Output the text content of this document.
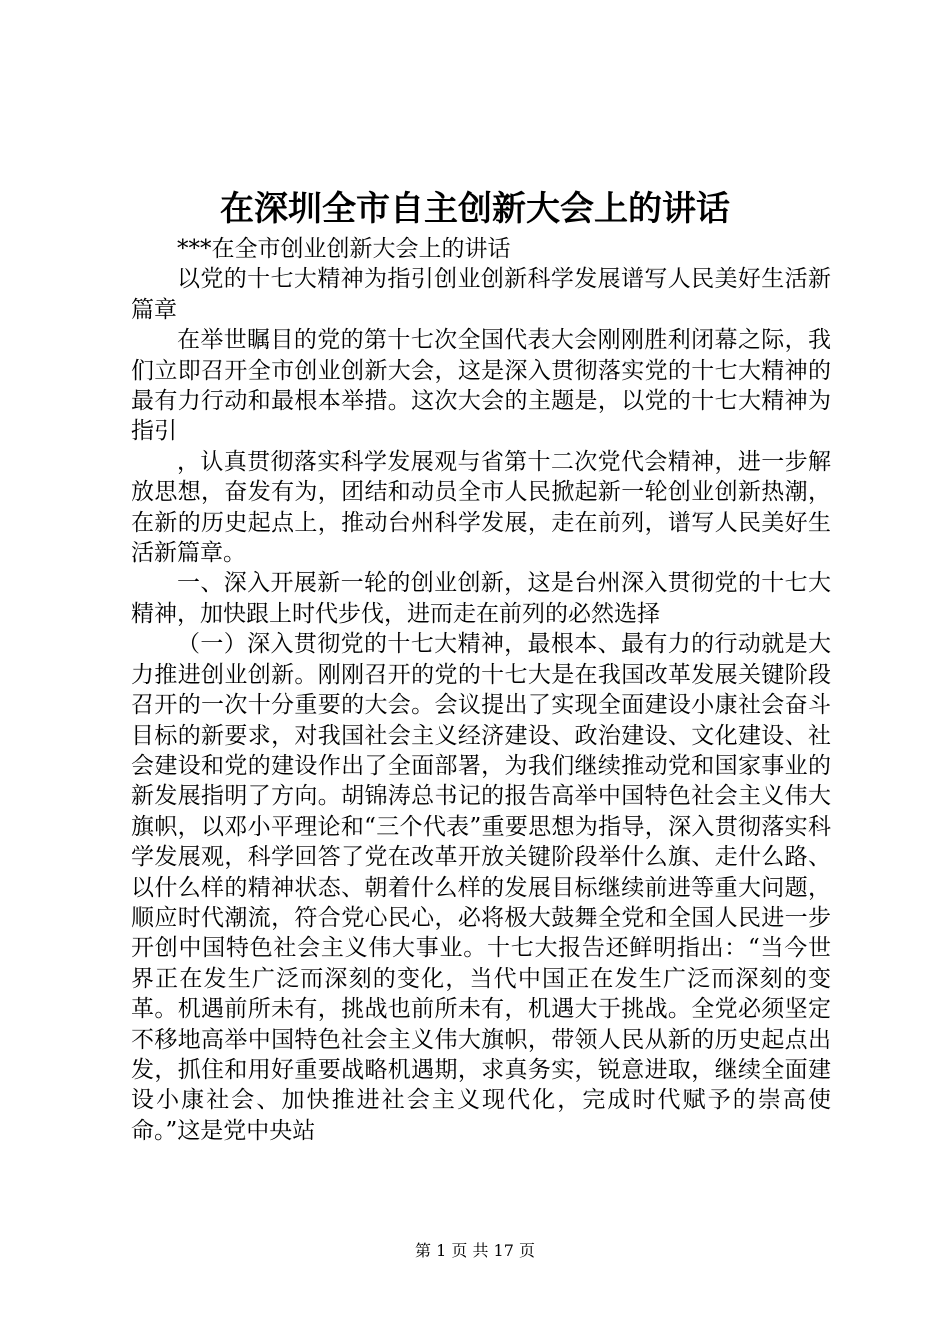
在深圳全市自主创新大会上的讲话

***在全市创业创新大会上的讲话

以党的十七大精神为指引创业创新科学发展谱写人民美好生活新篇章

在举世瞩目的党的第十七次全国代表大会刚刚胜利闭幕之际，我们立即召开全市创业创新大会，这是深入贯彻落实党的十七大精神的最有力行动和最根本举措。这次大会的主题是，以党的十七大精神为指引

，认真贯彻落实科学发展观与省第十二次党代会精神，进一步解放思想，奋发有为，团结和动员全市人民掀起新一轮创业创新热潮，在新的历史起点上，推动台州科学发展，走在前列，谱写人民美好生活新篇章。

一、深入开展新一轮的创业创新，这是台州深入贯彻党的十七大精神，加快跟上时代步伐，进而走在前列的必然选择

（一）深入贯彻党的十七大精神，最根本、最有力的行动就是大力推进创业创新。刚刚召开的党的十七大是在我国改革发展关键阶段召开的一次十分重要的大会。会议提出了实现全面建设小康社会奋斗目标的新要求，对我国社会主义经济建设、政治建设、文化建设、社会建设和党的建设作出了全面部署，为我们继续推动党和国家事业的新发展指明了方向。胡锦涛总书记的报告高举中国特色社会主义伟大旗帜，以邓小平理论和“三个代表”重要思想为指导，深入贯彻落实科学发展观，科学回答了党在改革开放关键阶段举什么旗、走什么路、以什么样的精神状态、朝着什么样的发展目标继续前进等重大问题，顺应时代潮流，符合党心民心，必将极大鼓舞全党和全国人民进一步开创中国特色社会主义伟大事业。十七大报告还鲜明指出：“当今世界正在发生广泛而深刻的变化，当代中国正在发生广泛而深刻的变革。机遇前所未有，挑战也前所未有，机遇大于挑战。全党必须坚定不移地高举中国特色社会主义伟大旗帜，带领人民从新的历史起点出发，抓住和用好重要战略机遇期，求真务实，锐意进取，继续全面建设小康社会、加快推进社会主义现代化，完成时代赋予的崇高使命。”这是党中央站

第 1 页 共 17 页
